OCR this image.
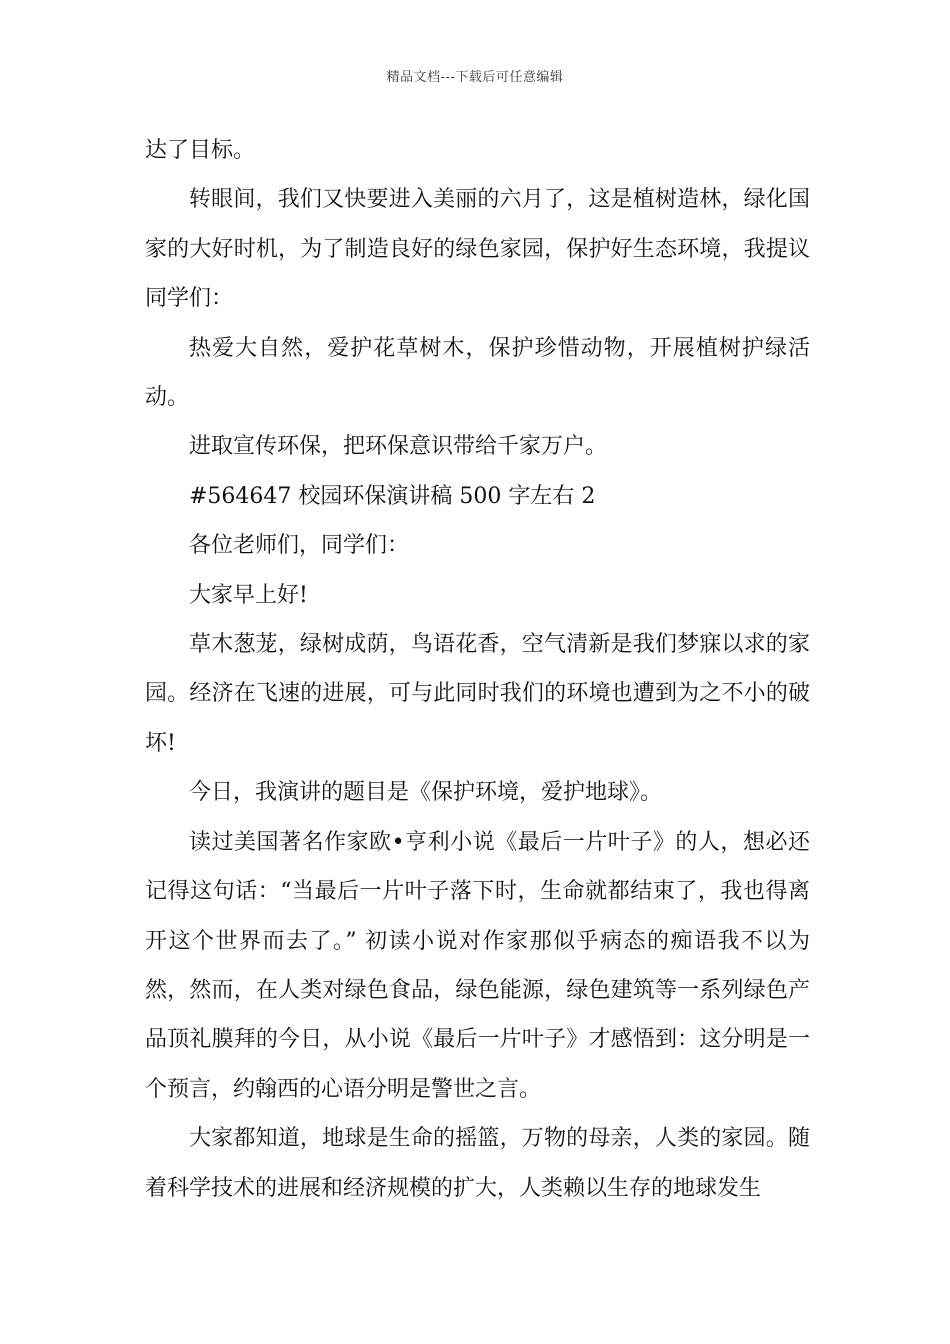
精品文档---下载后可任意编辑

达了目标。

转眼间，我们又快要进入美丽的六月了，这是植树造林，绿化国家的大好时机，为了制造良好的绿色家园，保护好生态环境，我提议同学们：

热爱大自然，爱护花草树木，保护珍惜动物，开展植树护绿活动。

进取宣传环保，把环保意识带给千家万户。

#564647 校园环保演讲稿 500 字左右 2

各位老师们，同学们：

大家早上好!

草木葱茏，绿树成荫，鸟语花香，空气清新是我们梦寐以求的家园。经济在飞速的进展，可与此同时我们的环境也遭到为之不小的破坏!

今日，我演讲的题目是《保护环境，爱护地球》。

读过美国著名作家欧•亨利小说《最后一片叶子》的人，想必还记得这句话：“当最后一片叶子落下时，生命就都结束了，我也得离开这个世界而去了。” 初读小说对作家那似乎病态的痴语我不以为然，然而，在人类对绿色食品，绿色能源，绿色建筑等一系列绿色产品顶礼膜拜的今日，从小说《最后一片叶子》才感悟到：这分明是一个预言，约翰西的心语分明是警世之言。

大家都知道，地球是生命的摇篮，万物的母亲，人类的家园。随着科学技术的进展和经济规模的扩大，人类赖以生存的地球发生
